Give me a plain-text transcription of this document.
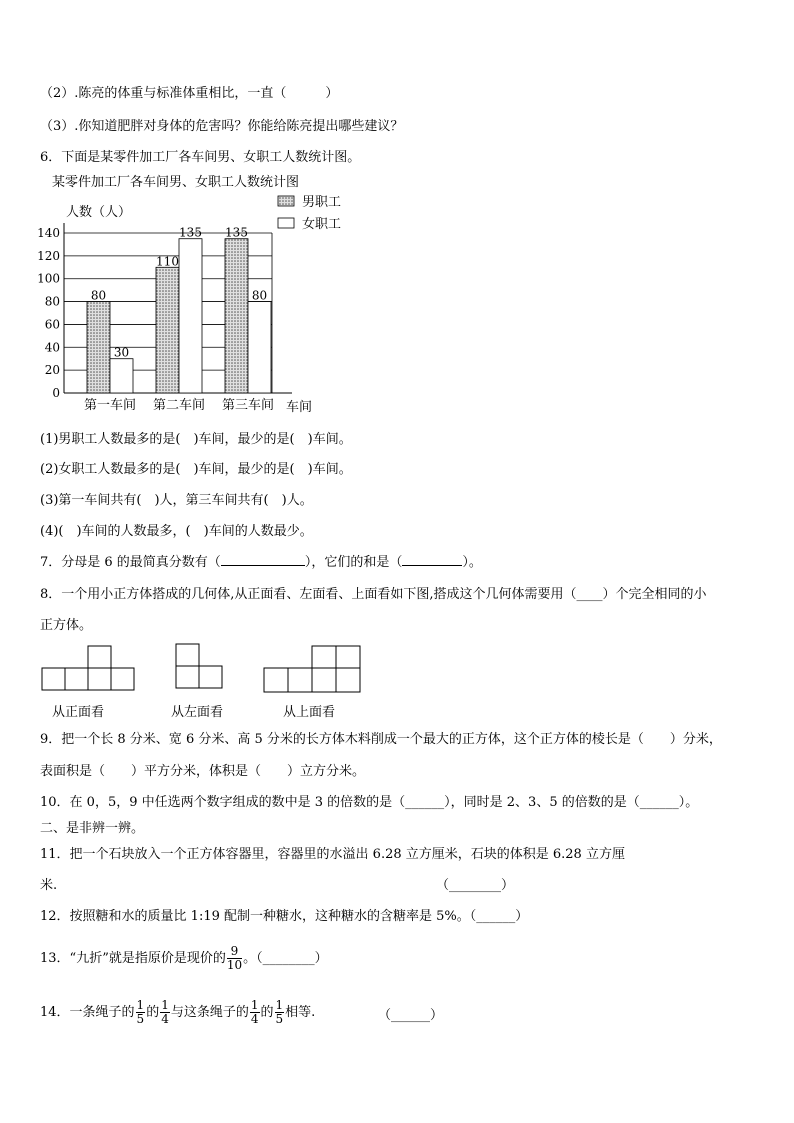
（2）.陈亮的体重与标准体重相比，一直（　　　）
（3）.你知道肥胖对身体的危害吗？你能给陈亮提出哪些建议？
6．下面是某零件加工厂各车间男、女职工人数统计图。
某零件加工厂各车间男、女职工人数统计图
人数（人）
车间
0
20
40
60
80
100
120
140
80
30
第一车间
110
135
第二车间
135
80
第三车间
男职工
女职工
(1)男职工人数最多的是(　)车间，最少的是(　)车间。
(2)女职工人数最多的是(　)车间，最少的是(　)车间。
(3)第一车间共有(　)人，第三车间共有(　)人。
(4)(　)车间的人数最多，(　)车间的人数最少。
7．分母是 6 的最简真分数有（	），它们的和是（	）。
8．一个用小正方体搭成的几何体,从正面看、左面看、上面看如下图,搭成这个几何体需要用（____）个完全相同的小
正方体。
从正面看	从左面看	从上面看
9．把一个长 8 分米、宽 6 分米、高 5 分米的长方体木料削成一个最大的正方体，这个正方体的棱长是（　　）分米，
表面积是（　　）平方分米，体积是（　　）立方分米。
10．在 0，5，9 中任选两个数字组成的数中是 3 的倍数的是（______），同时是 2、3、5 的倍数的是（______）。
二、是非辨一辨。
11．把一个石块放入一个正方体容器里，容器里的水溢出 6.28 立方厘米，石块的体积是 6.28 立方厘
米.	（________）
12．按照糖和水的质量比 1:19 配制一种糖水，这种糖水的含糖率是 5%。（______）
13．“九折”就是指原价是现价的 $\frac{9}{10}$ 。（________）
14．一条绳子的 $\frac{1}{5}$ 的 $\frac{1}{4}$ 与这条绳子的 $\frac{1}{4}$ 的 $\frac{1}{5}$ 相等.	（______）
